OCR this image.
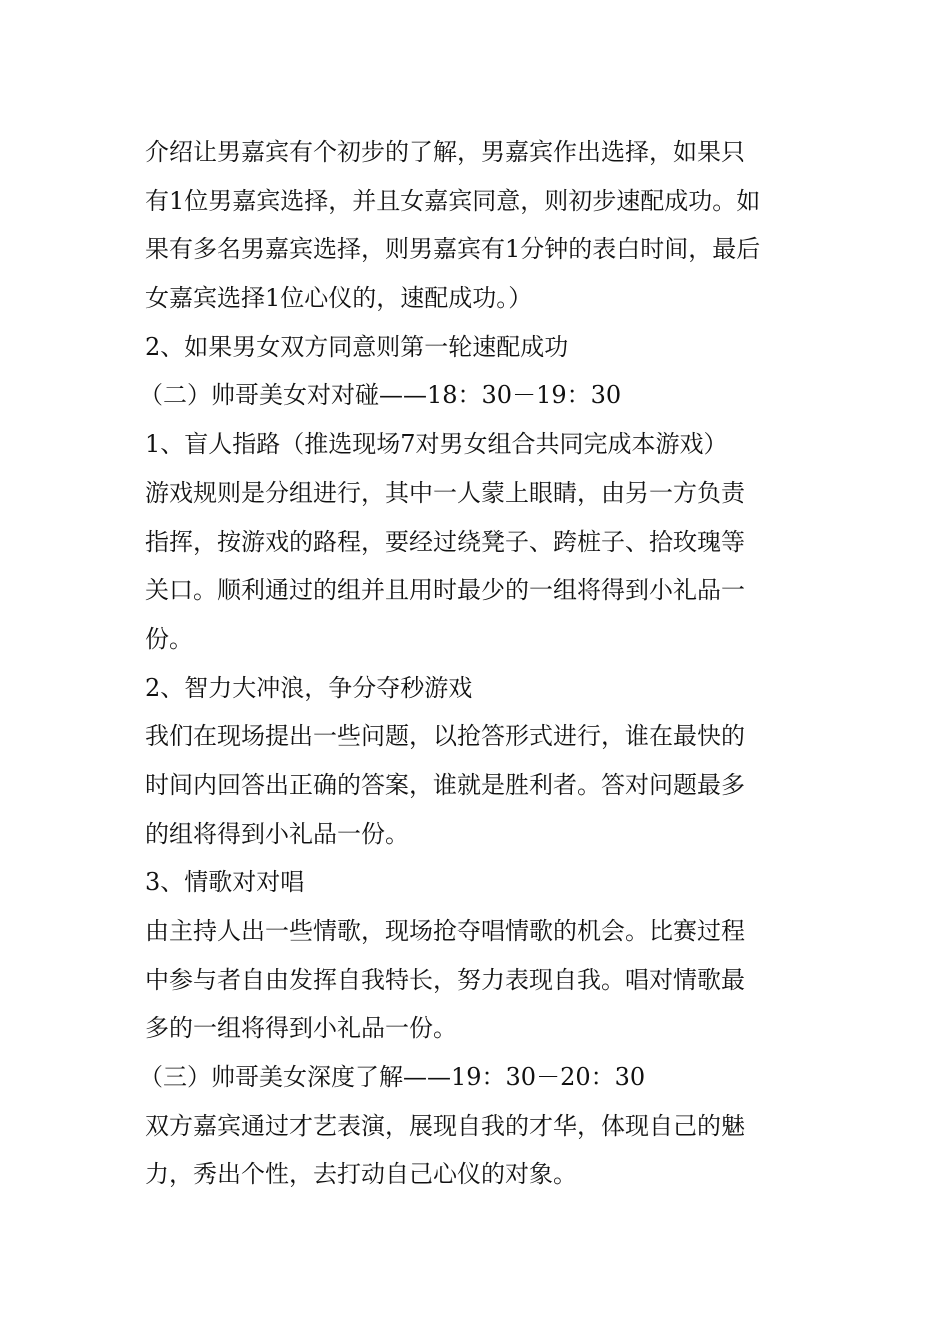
介绍让男嘉宾有个初步的了解，男嘉宾作出选择，如果只
有1位男嘉宾选择，并且女嘉宾同意，则初步速配成功。如
果有多名男嘉宾选择，则男嘉宾有1分钟的表白时间，最后
女嘉宾选择1位心仪的，速配成功。）
2、如果男女双方同意则第一轮速配成功
（二）帅哥美女对对碰——18：30－19：30
1、盲人指路（推选现场7对男女组合共同完成本游戏）
游戏规则是分组进行，其中一人蒙上眼睛，由另一方负责
指挥，按游戏的路程，要经过绕凳子、跨桩子、拾玫瑰等
关口。顺利通过的组并且用时最少的一组将得到小礼品一
份。
2、智力大冲浪，争分夺秒游戏
我们在现场提出一些问题，以抢答形式进行，谁在最快的
时间内回答出正确的答案，谁就是胜利者。答对问题最多
的组将得到小礼品一份。
3、情歌对对唱
由主持人出一些情歌，现场抢夺唱情歌的机会。比赛过程
中参与者自由发挥自我特长，努力表现自我。唱对情歌最
多的一组将得到小礼品一份。
（三）帅哥美女深度了解——19：30－20：30
双方嘉宾通过才艺表演，展现自我的才华，体现自己的魅
力，秀出个性，去打动自己心仪的对象。
